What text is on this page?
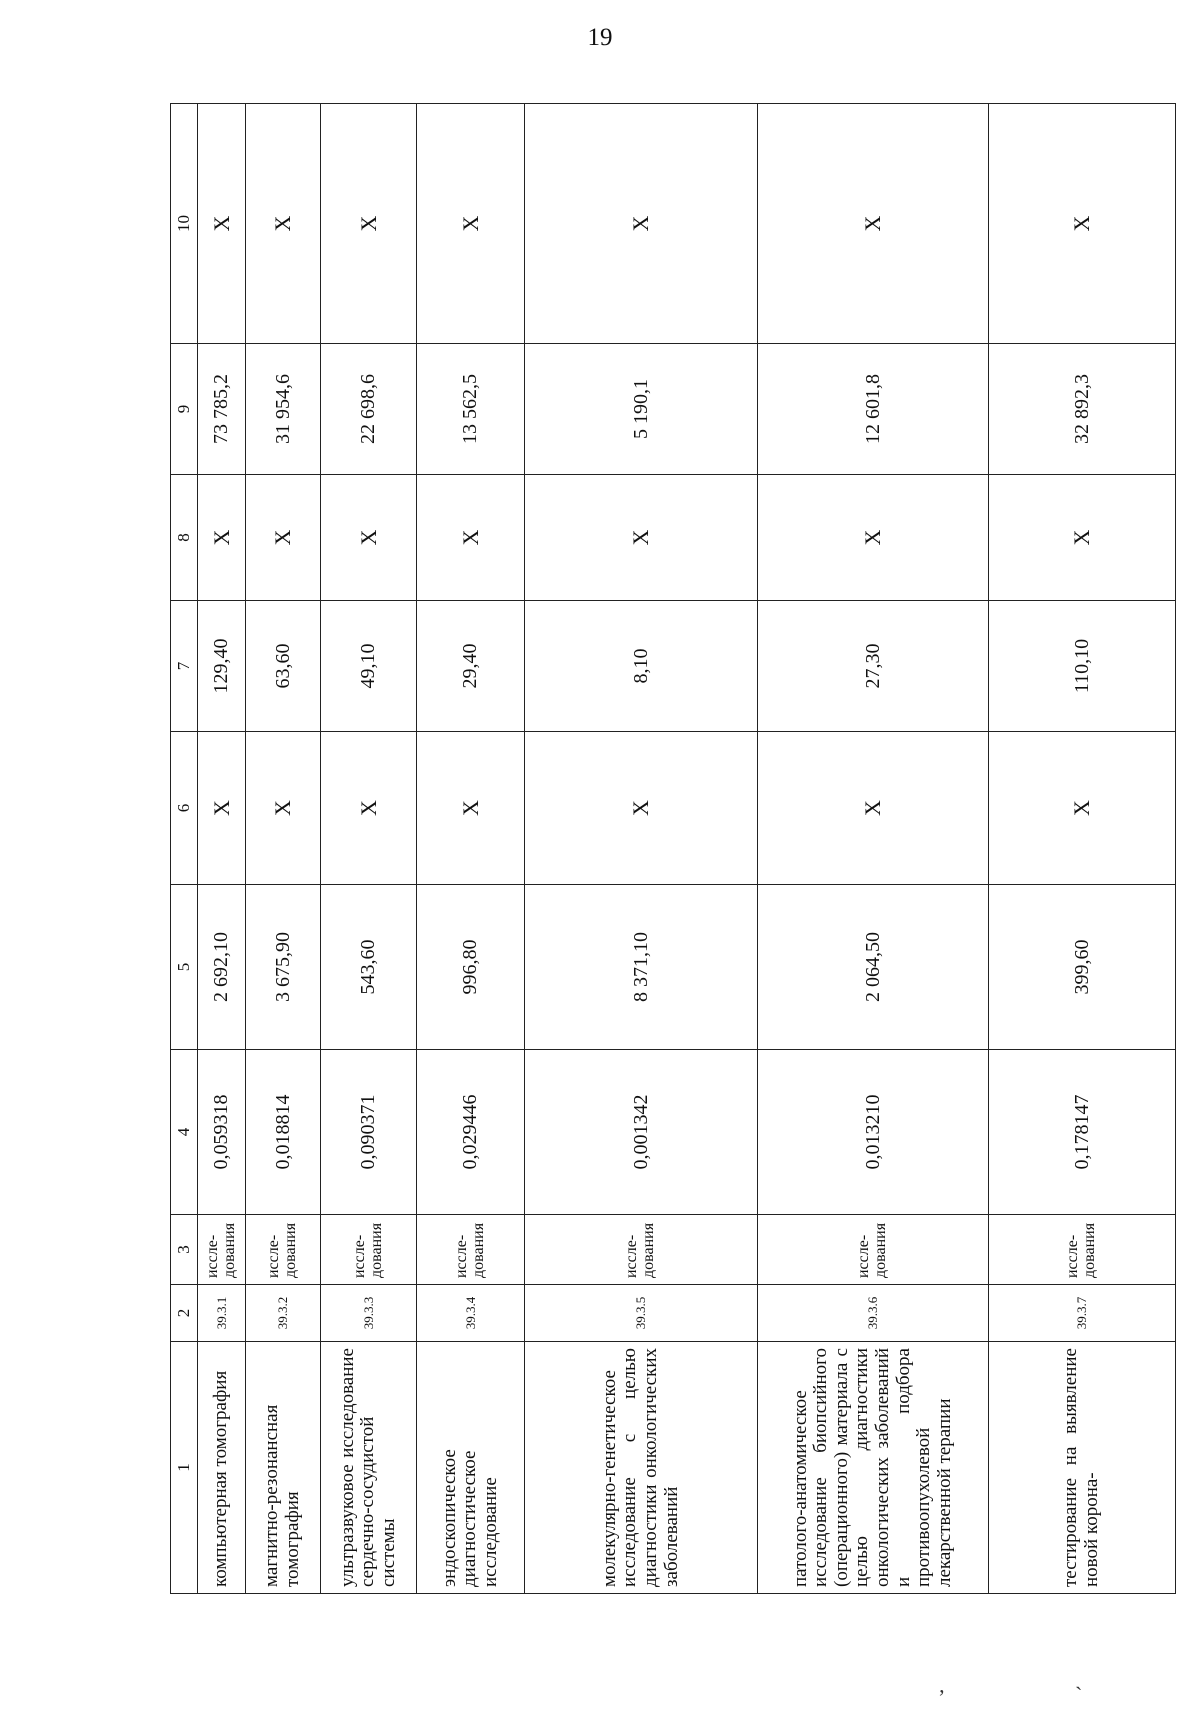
19
1	2	3	4	5	6	7	8	9	10
компьютерная томография	39.3.1	иссле-дования	0,059318	2 692,10	X	129,40	X	73 785,2	X
магнитно-резонансная томография	39.3.2	иссле-дования	0,018814	3 675,90	X	63,60	X	31 954,6	X
ультразвуковое исследование сердечно-сосудистой системы	39.3.3	иссле-дования	0,090371	543,60	X	49,10	X	22 698,6	X
эндоскопическое диагностическое исследование	39.3.4	иссле-дования	0,029446	996,80	X	29,40	X	13 562,5	X
молекулярно-генетическое исследование с целью диагностики онкологических заболеваний	39.3.5	иссле-дования	0,001342	8 371,10	X	8,10	X	5 190,1	X
патолого-анатомическое исследование биопсийного (операционного) материала с целью диагностики онкологических заболеваний и подбора противоопухолевой лекарственной терапии	39.3.6	иссле-дования	0,013210	2 064,50	X	27,30	X	12 601,8	X
тестирование на выявление новой корона-	39.3.7	иссле-дования	0,178147	399,60	X	110,10	X	32 892,3	X
ʼ
ˎ
